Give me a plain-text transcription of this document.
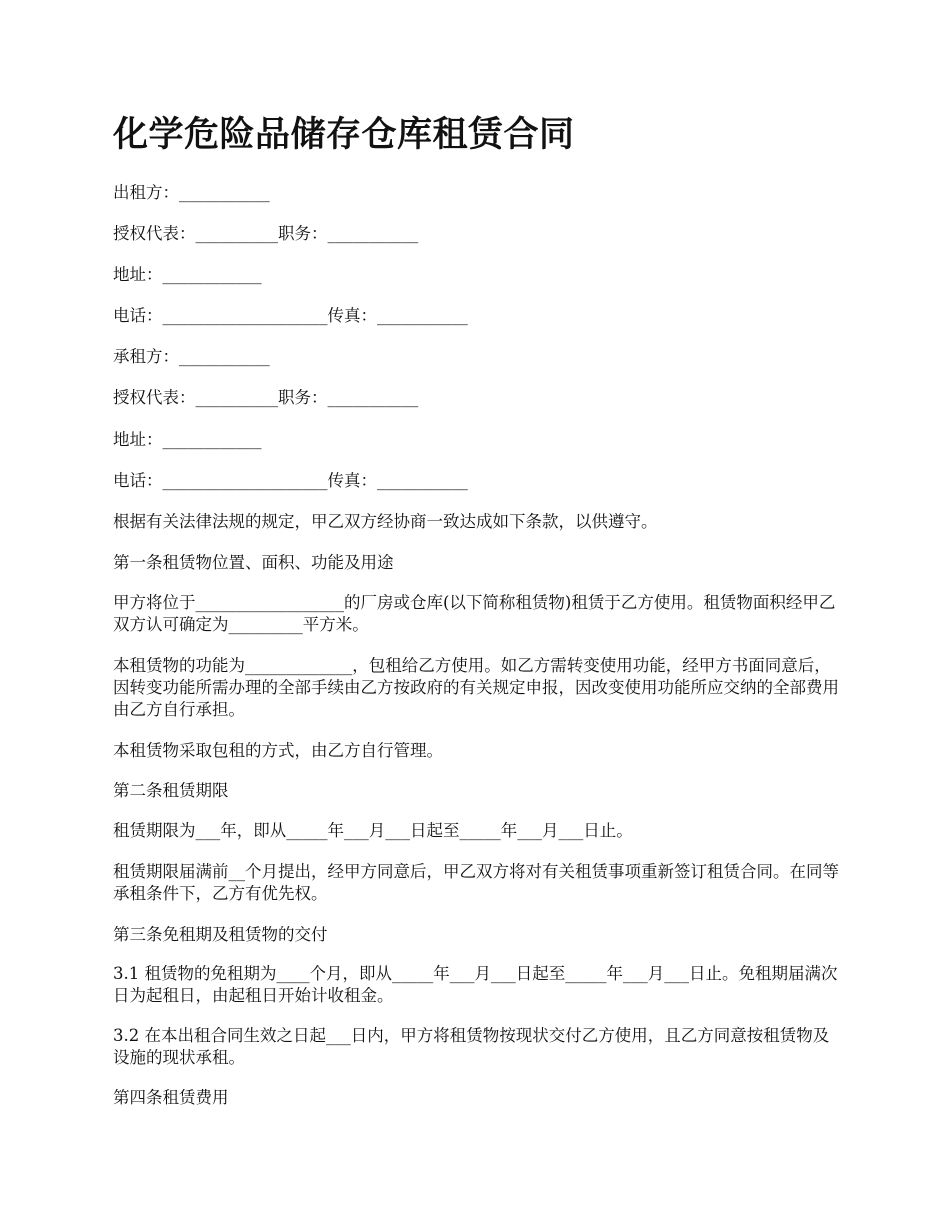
化学危险品储存仓库租赁合同

出租方：___________

授权代表：__________职务：___________

地址：____________

电话：____________________传真：___________

承租方：___________

授权代表：__________职务：___________

地址：____________

电话：____________________传真：___________

根据有关法律法规的规定，甲乙双方经协商一致达成如下条款，以供遵守。

第一条租赁物位置、面积、功能及用途

甲方将位于__________________的厂房或仓库(以下简称租赁物)租赁于乙方使用。租赁物面积经甲乙双方认可确定为_________平方米。

本租赁物的功能为_____________，包租给乙方使用。如乙方需转变使用功能，经甲方书面同意后，因转变功能所需办理的全部手续由乙方按政府的有关规定申报，因改变使用功能所应交纳的全部费用由乙方自行承担。

本租赁物采取包租的方式，由乙方自行管理。

第二条租赁期限

租赁期限为___年，即从_____年___月___日起至_____年___月___日止。

租赁期限届满前__个月提出，经甲方同意后，甲乙双方将对有关租赁事项重新签订租赁合同。在同等承租条件下，乙方有优先权。

第三条免租期及租赁物的交付

3.1 租赁物的免租期为____个月，即从_____年___月___日起至_____年___月___日止。免租期届满次日为起租日，由起租日开始计收租金。

3.2 在本出租合同生效之日起___日内，甲方将租赁物按现状交付乙方使用，且乙方同意按租赁物及设施的现状承租。

第四条租赁费用
